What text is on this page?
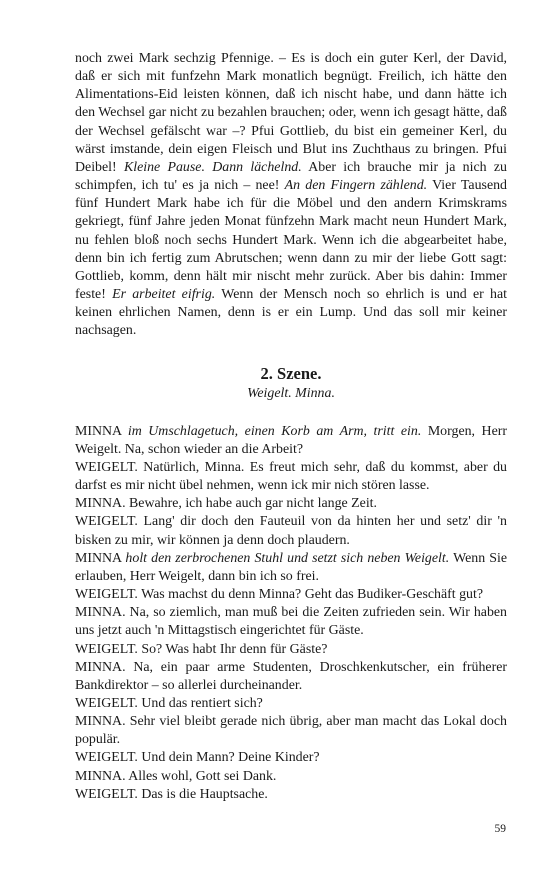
noch zwei Mark sechzig Pfennige. – Es is doch ein guter Kerl, der David, daß er sich mit funfzehn Mark monatlich begnügt. Freilich, ich hätte den Alimentations-Eid leisten können, daß ich nischt habe, und dann hätte ich den Wechsel gar nicht zu bezahlen brauchen; oder, wenn ich gesagt hätte, daß der Wechsel gefälscht war –? Pfui Gottlieb, du bist ein gemeiner Kerl, du wärst imstande, dein eigen Fleisch und Blut ins Zuchthaus zu bringen. Pfui Deibel! Kleine Pause. Dann lächelnd. Aber ich brauche mir ja nich zu schimpfen, ich tu' es ja nich – nee! An den Fingern zählend. Vier Tausend fünf Hundert Mark habe ich für die Möbel und den andern Krimskrams gekriegt, fünf Jahre jeden Monat fünfzehn Mark macht neun Hundert Mark, nu fehlen bloß noch sechs Hundert Mark. Wenn ich die abgearbeitet habe, denn bin ich fertig zum Abrutschen; wenn dann zu mir der liebe Gott sagt: Gottlieb, komm, denn hält mir nischt mehr zurück. Aber bis dahin: Immer feste! Er arbeitet eifrig. Wenn der Mensch noch so ehrlich is und er hat keinen ehrlichen Namen, denn is er ein Lump. Und das soll mir keiner nachsagen.

2. Szene.

Weigelt. Minna.

MINNA im Umschlagetuch, einen Korb am Arm, tritt ein. Morgen, Herr Weigelt. Na, schon wieder an die Arbeit?

WEIGELT. Natürlich, Minna. Es freut mich sehr, daß du kommst, aber du darfst es mir nicht übel nehmen, wenn ick mir nich stören lasse.

MINNA. Bewahre, ich habe auch gar nicht lange Zeit.

WEIGELT. Lang' dir doch den Fauteuil von da hinten her und setz' dir 'n bisken zu mir, wir können ja denn doch plaudern.

MINNA holt den zerbrochenen Stuhl und setzt sich neben Weigelt. Wenn Sie erlauben, Herr Weigelt, dann bin ich so frei.

WEIGELT. Was machst du denn Minna? Geht das Budiker-Geschäft gut?

MINNA. Na, so ziemlich, man muß bei die Zeiten zufrieden sein. Wir haben uns jetzt auch 'n Mittagstisch eingerichtet für Gäste.

WEIGELT. So? Was habt Ihr denn für Gäste?

MINNA. Na, ein paar arme Studenten, Droschkenkutscher, ein früherer Bankdirektor – so allerlei durcheinander.

WEIGELT. Und das rentiert sich?

MINNA. Sehr viel bleibt gerade nich übrig, aber man macht das Lokal doch populär.

WEIGELT. Und dein Mann? Deine Kinder?

MINNA. Alles wohl, Gott sei Dank.

WEIGELT. Das is die Hauptsache.

59
